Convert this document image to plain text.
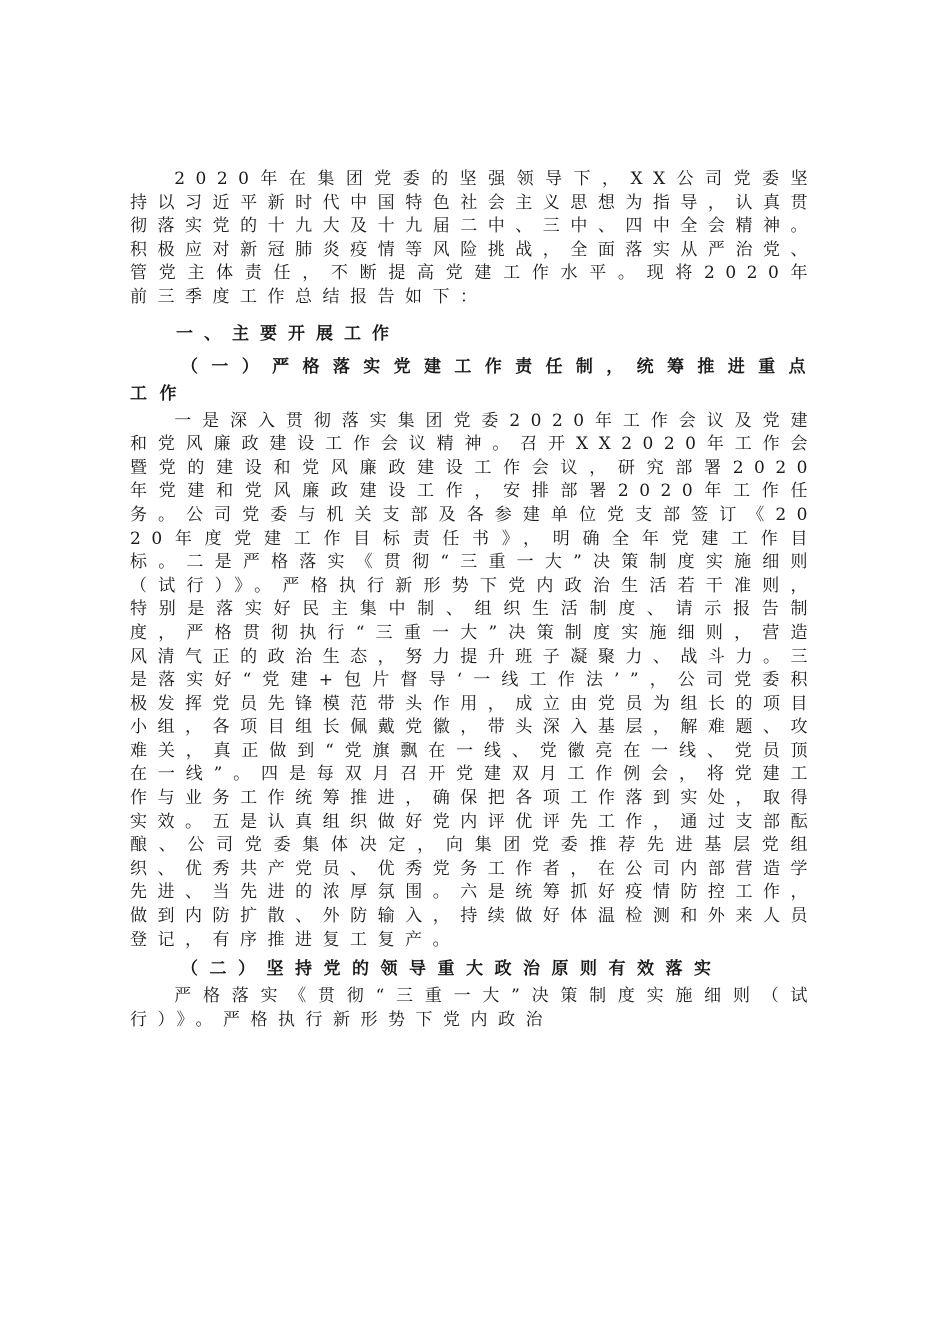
2020年在集团党委的坚强领导下，XX公司党委坚持以习近平新时代中国特色社会主义思想为指导，认真贯彻落实党的十九大及十九届二中、三中、四中全会精神。积极应对新冠肺炎疫情等风险挑战，全面落实从严治党、管党主体责任，不断提高党建工作水平。现将2020年前三季度工作总结报告如下：

一、主要开展工作
（一）严格落实党建工作责任制，统筹推进重点工作

一是深入贯彻落实集团党委2020年工作会议及党建和党风廉政建设工作会议精神。召开XX2020年工作会暨党的建设和党风廉政建设工作会议，研究部署2020年党建和党风廉政建设工作，安排部署2020年工作任务。公司党委与机关支部及各参建单位党支部签订《2020年度党建工作目标责任书》，明确全年党建工作目标。二是严格落实《贯彻“三重一大”决策制度实施细则（试行）》。严格执行新形势下党内政治生活若干准则，特别是落实好民主集中制、组织生活制度、请示报告制度，严格贯彻执行“三重一大”决策制度实施细则，营造风清气正的政治生态，努力提升班子凝聚力、战斗力。三是落实好“党建+包片督导‘一线工作法’”，公司党委积极发挥党员先锋模范带头作用，成立由党员为组长的项目小组，各项目组长佩戴党徽，带头深入基层，解难题、攻难关，真正做到“党旗飘在一线、党徽亮在一线、党员顶在一线”。四是每双月召开党建双月工作例会，将党建工作与业务工作统筹推进，确保把各项工作落到实处，取得实效。五是认真组织做好党内评优评先工作，通过支部酝酿、公司党委集体决定，向集团党委推荐先进基层党组织、优秀共产党员、优秀党务工作者，在公司内部营造学先进、当先进的浓厚氛围。六是统筹抓好疫情防控工作，做到内防扩散、外防输入，持续做好体温检测和外来人员登记，有序推进复工复产。

（二）坚持党的领导重大政治原则有效落实

严格落实《贯彻“三重一大”决策制度实施细则（试行）》。严格执行新形势下党内政治
